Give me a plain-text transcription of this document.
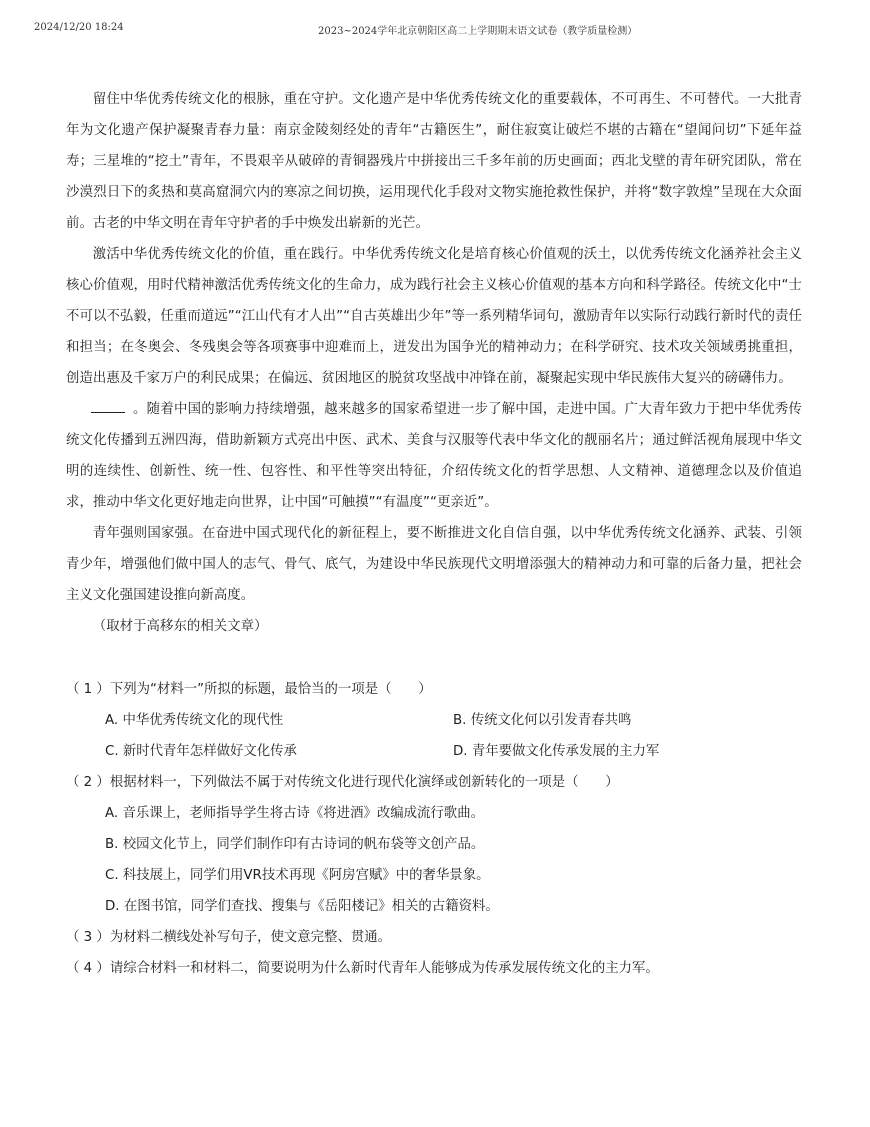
2024/12/20 18:24	2023~2024学年北京朝阳区高二上学期期末语文试卷（教学质量检测）

留住中华优秀传统文化的根脉，重在守护。文化遗产是中华优秀传统文化的重要载体，不可再生、不可替代。一大批青年为文化遗产保护凝聚青春力量：南京金陵刻经处的青年“古籍医生”，耐住寂寞让破烂不堪的古籍在“望闻问切”下延年益寿；三星堆的“挖土”青年，不畏艰辛从破碎的青铜器残片中拼接出三千多年前的历史画面；西北戈壁的青年研究团队，常在沙漠烈日下的炙热和莫高窟洞穴内的寒凉之间切换，运用现代化手段对文物实施抢救性保护，并将“数字敦煌”呈现在大众面前。古老的中华文明在青年守护者的手中焕发出崭新的光芒。

激活中华优秀传统文化的价值，重在践行。中华优秀传统文化是培育核心价值观的沃土，以优秀传统文化涵养社会主义核心价值观，用时代精神激活优秀传统文化的生命力，成为践行社会主义核心价值观的基本方向和科学路径。传统文化中“士不可以不弘毅，任重而道远”“江山代有才人出”“自古英雄出少年”等一系列精华词句，激励青年以实际行动践行新时代的责任和担当；在冬奥会、冬残奥会等各项赛事中迎难而上，迸发出为国争光的精神动力；在科学研究、技术攻关领域勇挑重担，创造出惠及千家万户的利民成果；在偏远、贫困地区的脱贫攻坚战中冲锋在前，凝聚起实现中华民族伟大复兴的磅礴伟力。

。随着中国的影响力持续增强，越来越多的国家希望进一步了解中国，走进中国。广大青年致力于把中华优秀传统文化传播到五洲四海，借助新颖方式亮出中医、武术、美食与汉服等代表中华文化的靓丽名片；通过鲜活视角展现中华文明的连续性、创新性、统一性、包容性、和平性等突出特征，介绍传统文化的哲学思想、人文精神、道德理念以及价值追求，推动中华文化更好地走向世界，让中国“可触摸”“有温度”“更亲近”。

青年强则国家强。在奋进中国式现代化的新征程上，要不断推进文化自信自强，以中华优秀传统文化涵养、武装、引领青少年，增强他们做中国人的志气、骨气、底气，为建设中华民族现代文明增添强大的精神动力和可靠的后备力量，把社会主义文化强国建设推向新高度。

（取材于高移东的相关文章）

（ 1 ）下列为“材料一”所拟的标题，最恰当的一项是（　　）
A. 中华优秀传统文化的现代性	B. 传统文化何以引发青春共鸣
C. 新时代青年怎样做好文化传承	D. 青年要做文化传承发展的主力军
（ 2 ）根据材料一，下列做法不属于对传统文化进行现代化演绎或创新转化的一项是（　　）
A. 音乐课上，老师指导学生将古诗《将进酒》改编成流行歌曲。
B. 校园文化节上，同学们制作印有古诗词的帆布袋等文创产品。
C. 科技展上，同学们用VR技术再现《阿房宫赋》中的奢华景象。
D. 在图书馆，同学们查找、搜集与《岳阳楼记》相关的古籍资料。
（ 3 ）为材料二横线处补写句子，使文意完整、贯通。
（ 4 ）请综合材料一和材料二，简要说明为什么新时代青年人能够成为传承发展传统文化的主力军。
